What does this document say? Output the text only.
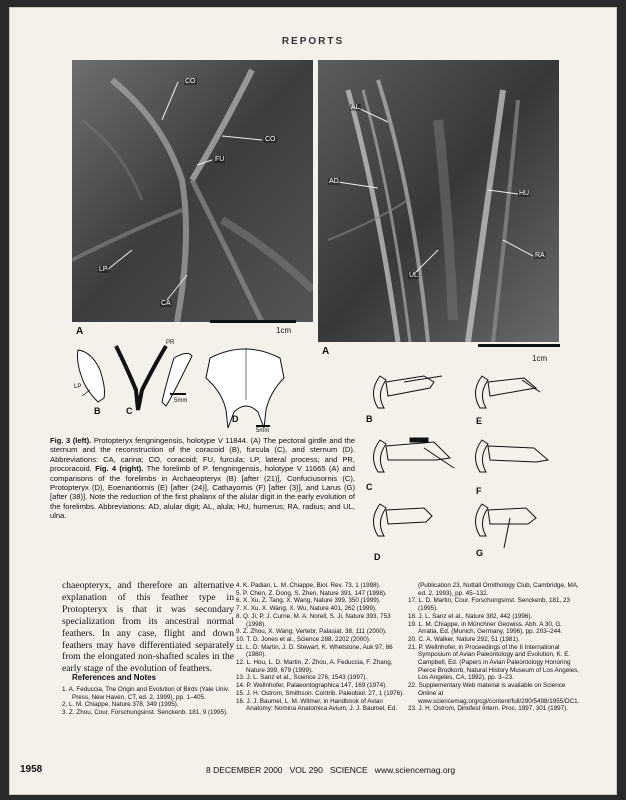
REPORTS
CO
CO
FU
LP
CA
A	1cm
AL
AD
HU
RA
UL
A
1cm
PR
LP
B	C
5mm
D
5mm
B	E
C	F
D	G
Fig. 3 (left). Protopteryx fengningensis, holotype V 11844. (A) The pectoral girdle and the sternum and the reconstruction of the coracoid (B), furcula (C), and sternum (D). Abbreviations: CA, carina; CO, coracoid; FU, furcula; LP, lateral process; and PR, procoracoid. Fig. 4 (right). The forelimb of P. fengningensis, holotype V 11665 (A) and comparisons of the forelimbs in Archaeopteryx (B) [after (21)], Confuciusornis (C), Protopteryx (D), Eoenantiornis (E) [after (24)], Cathayornis (F) [after (3)], and Larus (G) [after (38)]. Note the reduction of the first phalanx of the alular digit in the early evolution of the forelimbs. Abbreviations: AD, alular digit; AL, alula; HU, humerus; RA, radius; and UL, ulna.
chaeopteryx, and therefore an alternative explanation of this feather type in Protopteryx is that it was secondary specialization from its ancestral normal feathers. In any case, flight and down feathers may have differentiated separately from the elongated non-shafted scales in the early stage of the evolution of feathers.
References and Notes

1. A. Feduccia, The Origin and Evolution of Birds (Yale Univ. Press, New Haven, CT, ed. 2, 1999), pp. 1–405.

2. L. M. Chiappe, Nature 378, 349 (1995).

3. Z. Zhou, Cour. Forschungsinst. Senckenb. 181, 9 (1995).

4. K. Padian, L. M. Chiappe, Biol. Rev. 73, 1 (1998).

5. P. Chen, Z. Dong, S. Zhen, Nature 391, 147 (1998).

6. X. Xu, Z. Tang, X. Wang, Nature 399, 350 (1999).

7. X. Xu, X. Wang, X. Wu, Nature 401, 262 (1999).

8. Q. Ji, P. J. Currie, M. A. Norell, S. Ji, Nature 393, 753 (1998).

9. Z. Zhou, X. Wang, Vertebr. Palasiat. 38, 111 (2000).

10. T. D. Jones et al., Science 288, 2202 (2000).

11. L. D. Martin, J. D. Stewart, K. Whetstone, Auk 97, 86 (1980).

12. L. Hou, L. D. Martin, Z. Zhou, A. Feduccia, F. Zhang, Nature 399, 679 (1999).

13. J. L. Sanz et al., Science 276, 1543 (1997).

14. P. Wellnhofer, Palaeontographica 147, 169 (1974).

15. J. H. Ostrom, Smithson. Contrib. Paleobiol. 27, 1 (1976).

16. J. J. Baumel, L. M. Witmer, in Handbook of Avian Anatomy: Nomina Anatomica Avium, J. J. Baumel, Ed.

(Publication 23, Nuttall Ornithology Club, Cambridge, MA, ed. 2, 1993), pp. 45–132.

17. L. D. Martin, Cour. Forschungsinst. Senckenb. 181, 23 (1995).

18. J. L. Sanz et al., Nature 382, 442 (1996).

19. L. M. Chiappe, in Münchner Geowiss. Abh. A 30, G. Arratia, Ed. (Munich, Germany, 1996), pp. 203–244.

20. C. A. Walker, Nature 292, 51 (1981).

21. P. Wellnhofer, in Proceedings of the II International Symposium of Avian Paleontology and Evolution, K. E. Campbell, Ed. (Papers in Avian Paleontology Honoring Pierce Brodkorb, Natural History Museum of Los Angeles, Los Angeles, CA, 1992), pp. 3–23.

22. Supplementary Web material is available on Science Online at www.sciencemag.org/cgi/content/full/290/5498/1955/DC1.

23. J. H. Ostrom, Dinofest Intern. Proc. 1997, 301 (1997).

1958	8 DECEMBER 2000   VOL 290   SCIENCE   www.sciencemag.org
